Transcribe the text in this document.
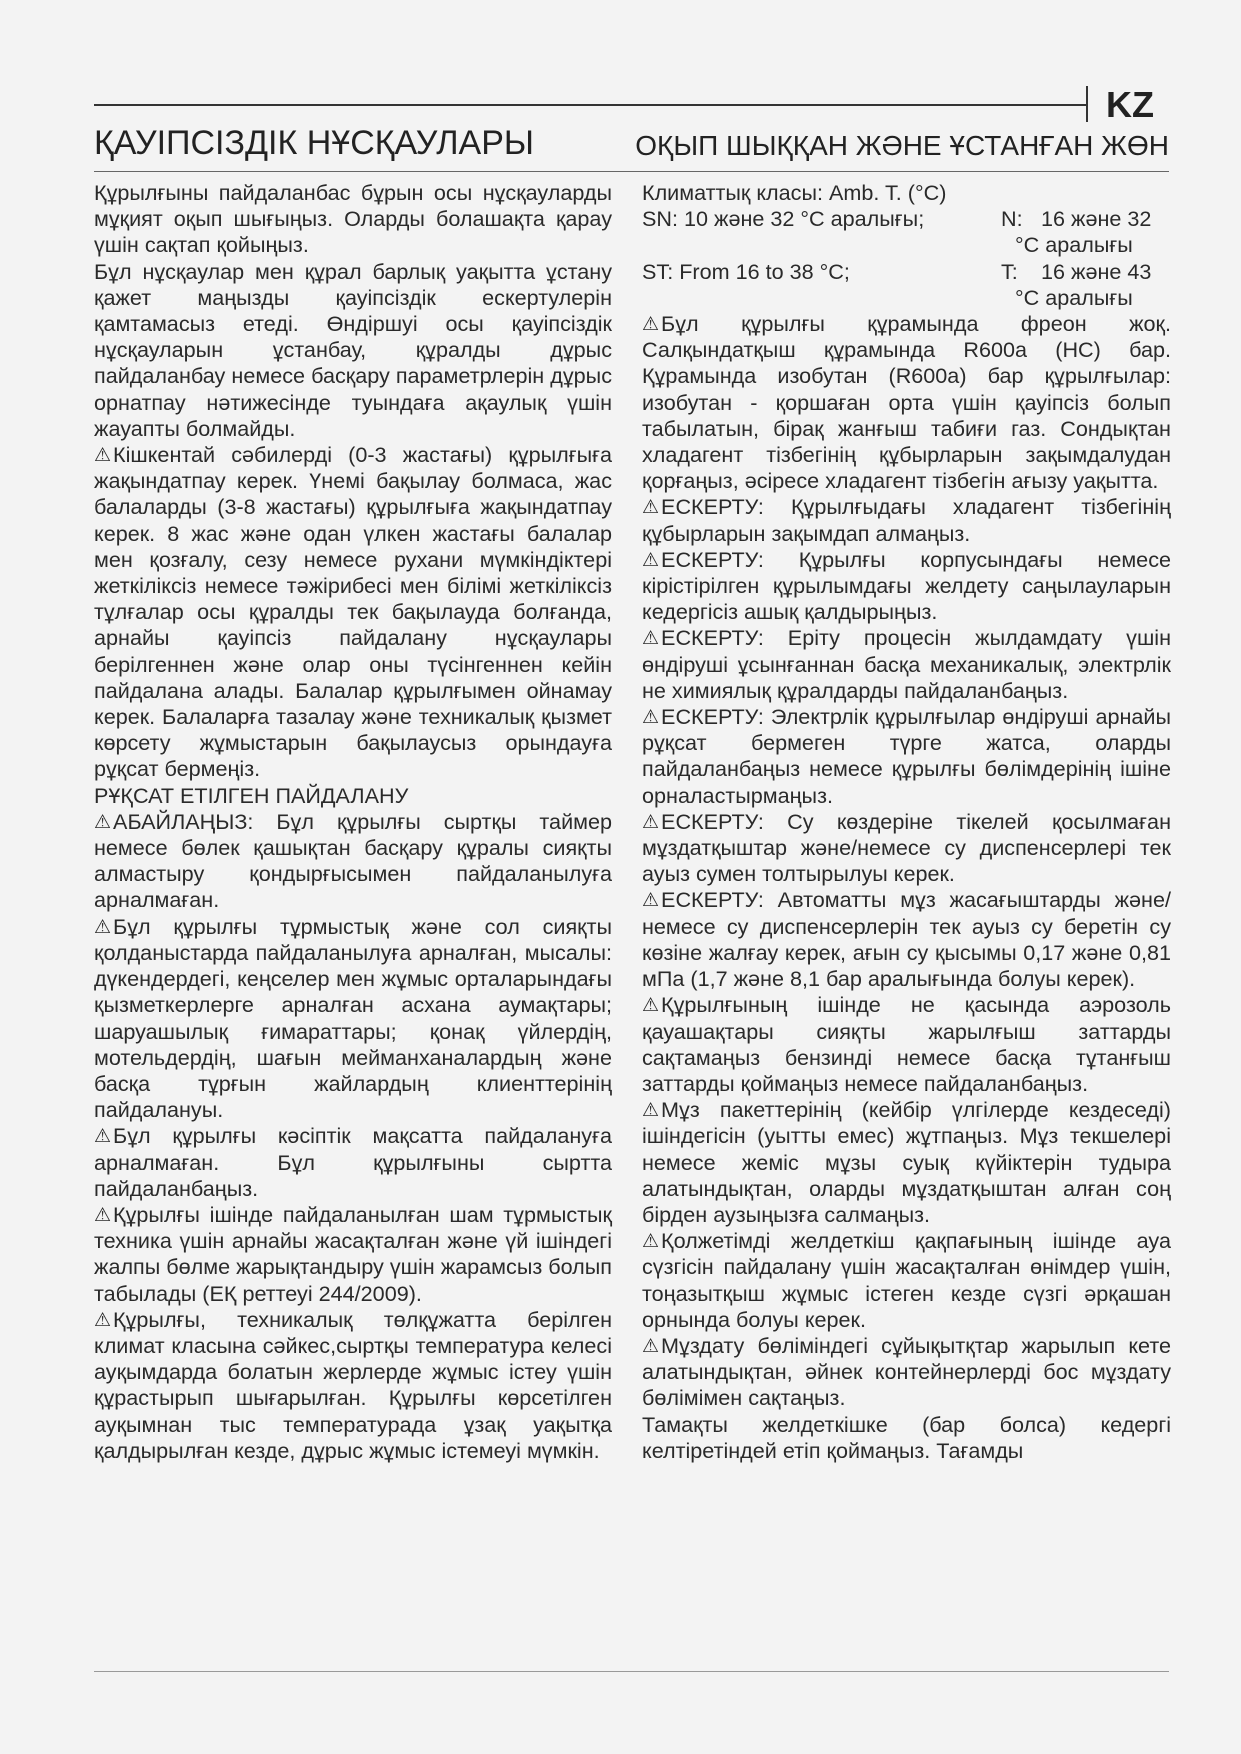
KZ
ҚАУІПСІЗДІК НҰСҚАУЛАРЫ	ОҚЫП ШЫҚҚАН ЖӘНЕ ҰСТАНҒАН ЖӨН

Құрылғыны пайдаланбас бұрын осы нұсқауларды мұқият оқып шығыңыз. Оларды болашақта қарау үшін сақтап қойыңыз.

Бұл нұсқаулар мен құрал барлық уақытта ұстану қажет маңызды қауіпсіздік ескертулерін қамтамасыз етеді. Өндіршуі осы қауіпсіздік нұсқауларын ұстанбау, құралды дұрыс пайдаланбау немесе басқару параметрлерін дұрыс орнатпау нәтижесінде туындаға ақаулық үшін жауапты болмайды.

⚠Кішкентай сәбилерді (0-3 жастағы) құрылғыға жақындатпау керек. Үнемі бақылау болмаса, жас балаларды (3-8 жастағы) құрылғыға жақындатпау керек. 8 жас және одан үлкен жастағы балалар мен қозғалу, сезу немесе рухани мүмкіндіктері жеткіліксіз немесе тәжірибесі мен білімі жеткіліксіз тұлғалар осы құралды тек бақылауда болғанда, арнайы қауіпсіз пайдалану нұсқаулары берілгеннен және олар оны түсінгеннен кейін пайдалана алады. Балалар құрылғымен ойнамау керек. Балаларға тазалау және техникалық қызмет көрсету жұмыстарын бақылаусыз орындауға рұқсат бермеңіз.

РҰҚСАТ ЕТІЛГЕН ПАЙДАЛАНУ

⚠АБАЙЛАҢЫЗ: Бұл құрылғы сыртқы таймер немесе бөлек қашықтан басқару құралы сияқты алмастыру қондырғысымен пайдаланылуға арналмаған.

⚠Бұл құрылғы тұрмыстық және сол сияқты қолданыстарда пайдаланылуға арналған, мысалы: дүкендердегі, кеңселер мен жұмыс орталарындағы қызметкерлерге арналған асхана аумақтары; шаруашылық ғимараттары; қонақ үйлердің, мотельдердің, шағын мейманханалардың және басқа тұрғын жайлардың клиенттерінің пайдалануы.

⚠Бұл құрылғы кәсіптік мақсатта пайдалануға арналмаған. Бұл құрылғыны сыртта пайдаланбаңыз.

⚠Құрылғы ішінде пайдаланылған шам тұрмыстық техника үшін арнайы жасақталған және үй ішіндегі жалпы бөлме жарықтандыру үшін жарамсыз болып табылады (ЕҚ реттеуі 244/2009).

⚠Құрылғы, техникалық төлқұжатта берілген климат класына сәйкес,сыртқы температура келесі ауқымдарда болатын жерлерде жұмыс істеу үшін құрастырып шығарылған. Құрылғы көрсетілген ауқымнан тыс температурада ұзақ уақытқа қалдырылған кезде, дұрыс жұмыс істемеуі мүмкін.

Климаттық класы: Amb. T. (°C)

SN: 10 және 32 °C аралығы;	N: 16 және 32
°C аралығы
ST: From 16 to 38 °C;	T:	16 және 43
°C аралығы

⚠Бұл құрылғы құрамында фреон жоқ. Салқындатқыш құрамында R600a (HC) бар. Құрамында изобутан (R600a) бар құрылғылар: изобутан - қоршаған орта үшін қауіпсіз болып табылатын, бірақ жанғыш табиғи газ. Сондықтан хладагент тізбегінің құбырларын зақымдалудан қорғаңыз, әсіресе хладагент тізбегін ағызу уақытта.

⚠ЕСКЕРТУ: Құрылғыдағы хладагент тізбегінің құбырларын зақымдап алмаңыз.

⚠ЕСКЕРТУ: Құрылғы корпусындағы немесе кірістірілген құрылымдағы желдету саңылауларын кедергісіз ашық қалдырыңыз.

⚠ЕСКЕРТУ: Еріту процесін жылдамдату үшін өндіруші ұсынғаннан басқа механикалық, электрлік не химиялық құралдарды пайдаланбаңыз.

⚠ЕСКЕРТУ: Электрлік құрылғылар өндіруші арнайы рұқсат бермеген түрге жатса, оларды пайдаланбаңыз немесе құрылғы бөлімдерінің ішіне орналастырмаңыз.

⚠ЕСКЕРТУ: Су көздеріне тікелей қосылмаған мұздатқыштар және/немесе су диспенсерлері тек ауыз сумен толтырылуы керек.

⚠ЕСКЕРТУ: Автоматты мұз жасағыштарды және/немесе су диспенсерлерін тек ауыз су беретін су көзіне жалғау керек, ағын су қысымы 0,17 және 0,81 мПа (1,7 және 8,1 бар аралығында болуы керек).

⚠Құрылғының ішінде не қасында аэрозоль қауашақтары сияқты жарылғыш заттарды сақтамаңыз бензинді немесе басқа тұтанғыш заттарды қоймаңыз немесе пайдаланбаңыз.

⚠Мұз пакеттерінің (кейбір үлгілерде кездеседі) ішіндегісін (уытты емес) жұтпаңыз. Мұз текшелері немесе жеміс мұзы суық күйіктерін тудыра алатындықтан, оларды мұздатқыштан алған соң бірден аузыңызға салмаңыз.

⚠Қолжетімді желдеткіш қақпағының ішінде ауа сүзгісін пайдалану үшін жасақталған өнімдер үшін, тоңазытқыш жұмыс істеген кезде сүзгі әрқашан орнында болуы керек.

⚠Мұздату бөліміндегі сұйықытқтар жарылып кете алатындықтан, әйнек контейнерлерді бос мұздату бөлімімен сақтаңыз.

Тамақты желдеткішке (бар болса) кедергі келтіретіндей етіп қоймаңыз. Тағамды
